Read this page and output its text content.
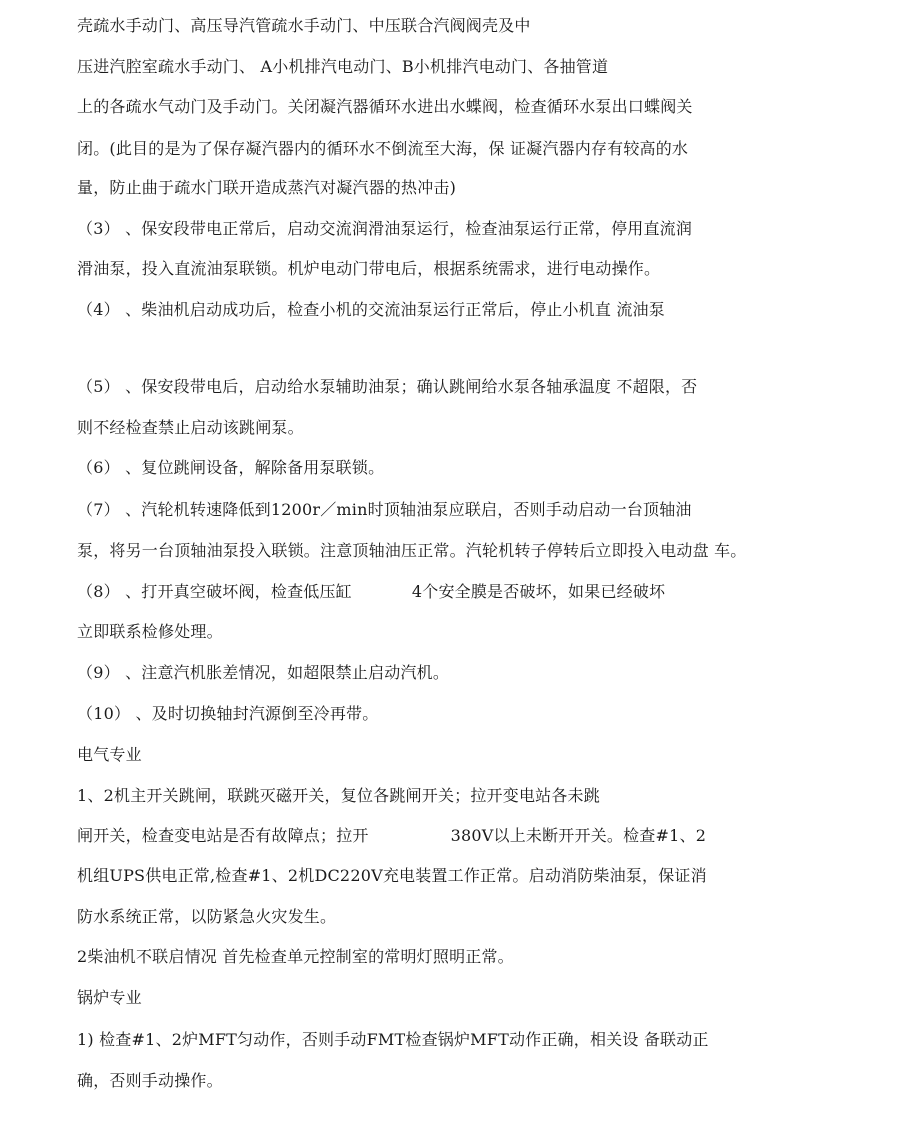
壳疏水手动门、高压导汽管疏水手动门、中压联合汽阀阀壳及中
压进汽腔室疏水手动门、 A小机排汽电动门、B小机排汽电动门、各抽管道
上的各疏水气动门及手动门。关闭凝汽器循环水进出水蝶阀，检查循环水泵出口蝶阀关
闭。(此目的是为了保存凝汽器内的循环水不倒流至大海，保 证凝汽器内存有较高的水
量，防止曲于疏水门联开造成蒸汽对凝汽器的热冲击)
（3） 、保安段带电正常后，启动交流润滑油泵运行，检查油泵运行正常，停用直流润
滑油泵，投入直流油泵联锁。机炉电动门带电后，根据系统需求，进行电动操作。
（4） 、柴油机启动成功后，检查小机的交流油泵运行正常后，停止小机直 流油泵
（5） 、保安段带电后，启动给水泵辅助油泵；确认跳闸给水泵各轴承温度 不超限，否
则不经检查禁止启动该跳闸泵。
（6） 、复位跳闸设备，解除备用泵联锁。
（7） 、汽轮机转速降低到1200r／min时顶轴油泵应联启，否则手动启动一台顶轴油
泵，将另一台顶轴油泵投入联锁。注意顶轴油压正常。汽轮机转子停转后立即投入电动盘 车。
（8） 、打开真空破坏阀，检查低压缸	4个安全膜是否破坏，如果已经破坏
立即联系检修处理。
（9） 、注意汽机胀差情况，如超限禁止启动汽机。
（10） 、及时切换轴封汽源倒至冷再带。
电气专业
1、2机主开关跳闸，联跳灭磁开关，复位各跳闸开关；拉开变电站各未跳
闸开关，检查变电站是否有故障点；拉开	380V以上未断开开关。检查#1、2
机组UPS供电正常,检查#1、2机DC220V充电装置工作正常。启动消防柴油泵，保证消
防水系统正常，以防紧急火灾发生。
2柴油机不联启情况 首先检查单元控制室的常明灯照明正常。
锅炉专业
1) 检查#1、2炉MFT匀动作，否则手动FMT检查锅炉MFT动作正确，相关设 备联动正
确，否则手动操作。
